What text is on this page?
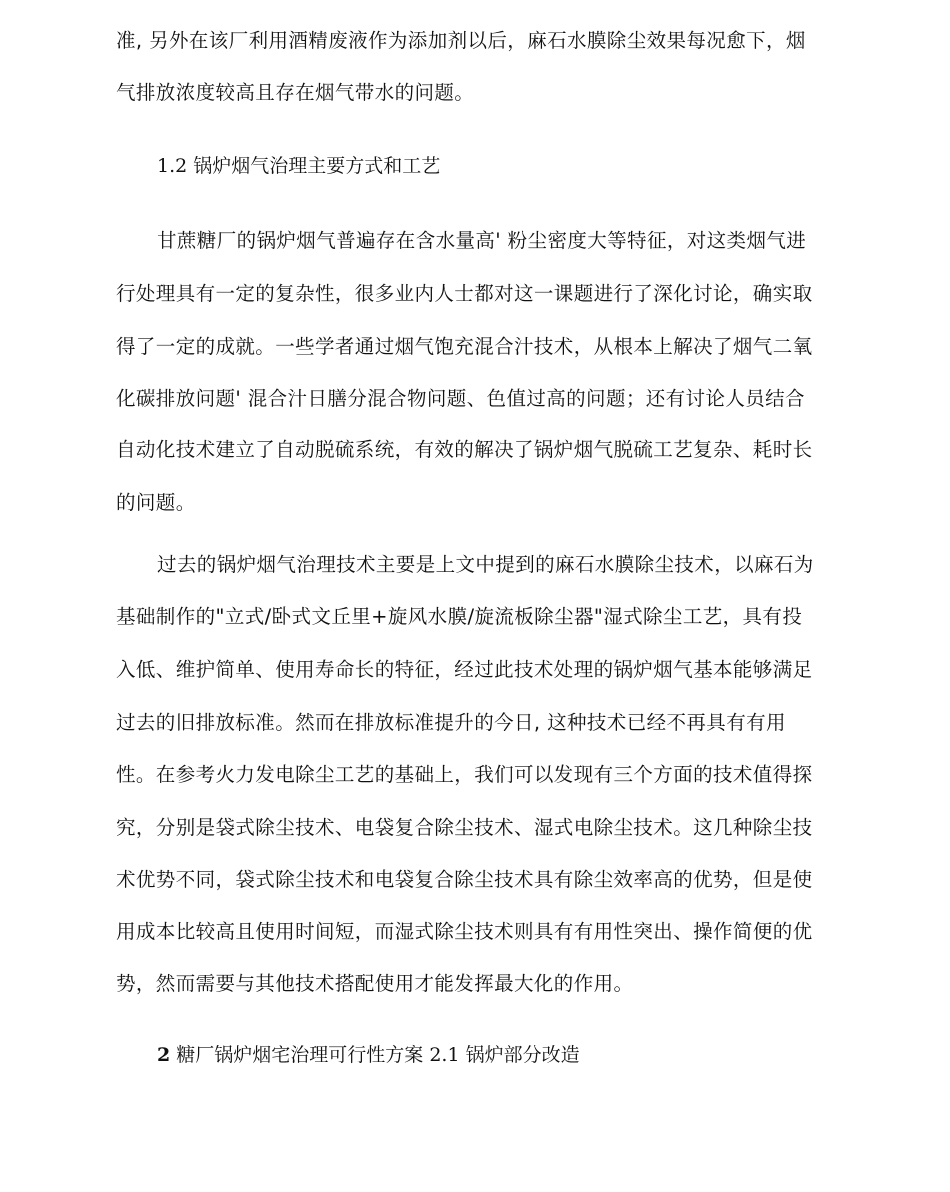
准, 另外在该厂利用酒精废液作为添加剂以后，麻石水膜除尘效果每况愈下，烟
气排放浓度较高且存在烟气带水的问题。
1.2 锅炉烟气治理主要方式和工艺
甘蔗糖厂的锅炉烟气普遍存在含水量高' 粉尘密度大等特征，对这类烟气进
行处理具有一定的复杂性，很多业内人士都对这一课题进行了深化讨论，确实取
得了一定的成就。一些学者通过烟气饱充混合汁技术，从根本上解决了烟气二氧
化碳排放问题' 混合汁日膳分混合物问题、色值过高的问题；还有讨论人员结合
自动化技术建立了自动脱硫系统，有效的解决了锅炉烟气脱硫工艺复杂、耗时长
的问题。
过去的锅炉烟气治理技术主要是上文中提到的麻石水膜除尘技术，以麻石为
基础制作的"立式/卧式文丘里+旋风水膜/旋流板除尘器"湿式除尘工艺，具有投
入低、维护简单、使用寿命长的特征，经过此技术处理的锅炉烟气基本能够满足
过去的旧排放标准。然而在排放标准提升的今日, 这种技术已经不再具有有用
性。在参考火力发电除尘工艺的基础上，我们可以发现有三个方面的技术值得探
究，分别是袋式除尘技术、电袋复合除尘技术、湿式电除尘技术。这几种除尘技
术优势不同，袋式除尘技术和电袋复合除尘技术具有除尘效率高的优势，但是使
用成本比较高且使用时间短，而湿式除尘技术则具有有用性突出、操作简便的优
势，然而需要与其他技术搭配使用才能发挥最大化的作用。
2 糖厂锅炉烟宅治理可行性方案 2.1 锅炉部分改造
